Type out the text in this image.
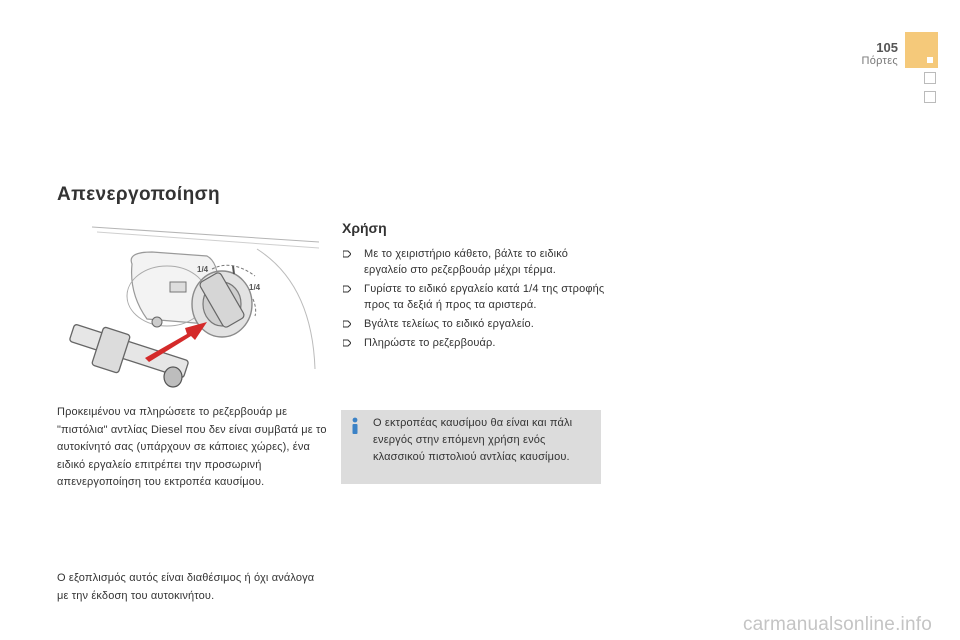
105
Πόρτες
Απενεργοποίηση
1/4
1/4
Προκειμένου να πληρώσετε το ρεζερβουάρ με "πιστόλια" αντλίας Diesel που δεν είναι συμβατά με το αυτοκίνητό σας (υπάρχουν σε κάποιες χώρες), ένα ειδικό εργαλείο επιτρέπει την προσωρινή απενεργοποίηση του εκτροπέα καυσίμου.
Ο εξοπλισμός αυτός είναι διαθέσιμος ή όχι ανάλογα με την έκδοση του αυτοκινήτου.
Χρήση
Με το χειριστήριο κάθετο, βάλτε το ειδικό εργαλείο στο ρεζερβουάρ μέχρι τέρμα.
Γυρίστε το ειδικό εργαλείο κατά 1/4 της στροφής προς τα δεξιά ή προς τα αριστερά.
Βγάλτε τελείως το ειδικό εργαλείο.
Πληρώστε το ρεζερβουάρ.
Ο εκτροπέας καυσίμου θα είναι και πάλι ενεργός στην επόμενη χρήση ενός κλασσικού πιστολιού αντλίας καυσίμου.
carmanualsonline.info
